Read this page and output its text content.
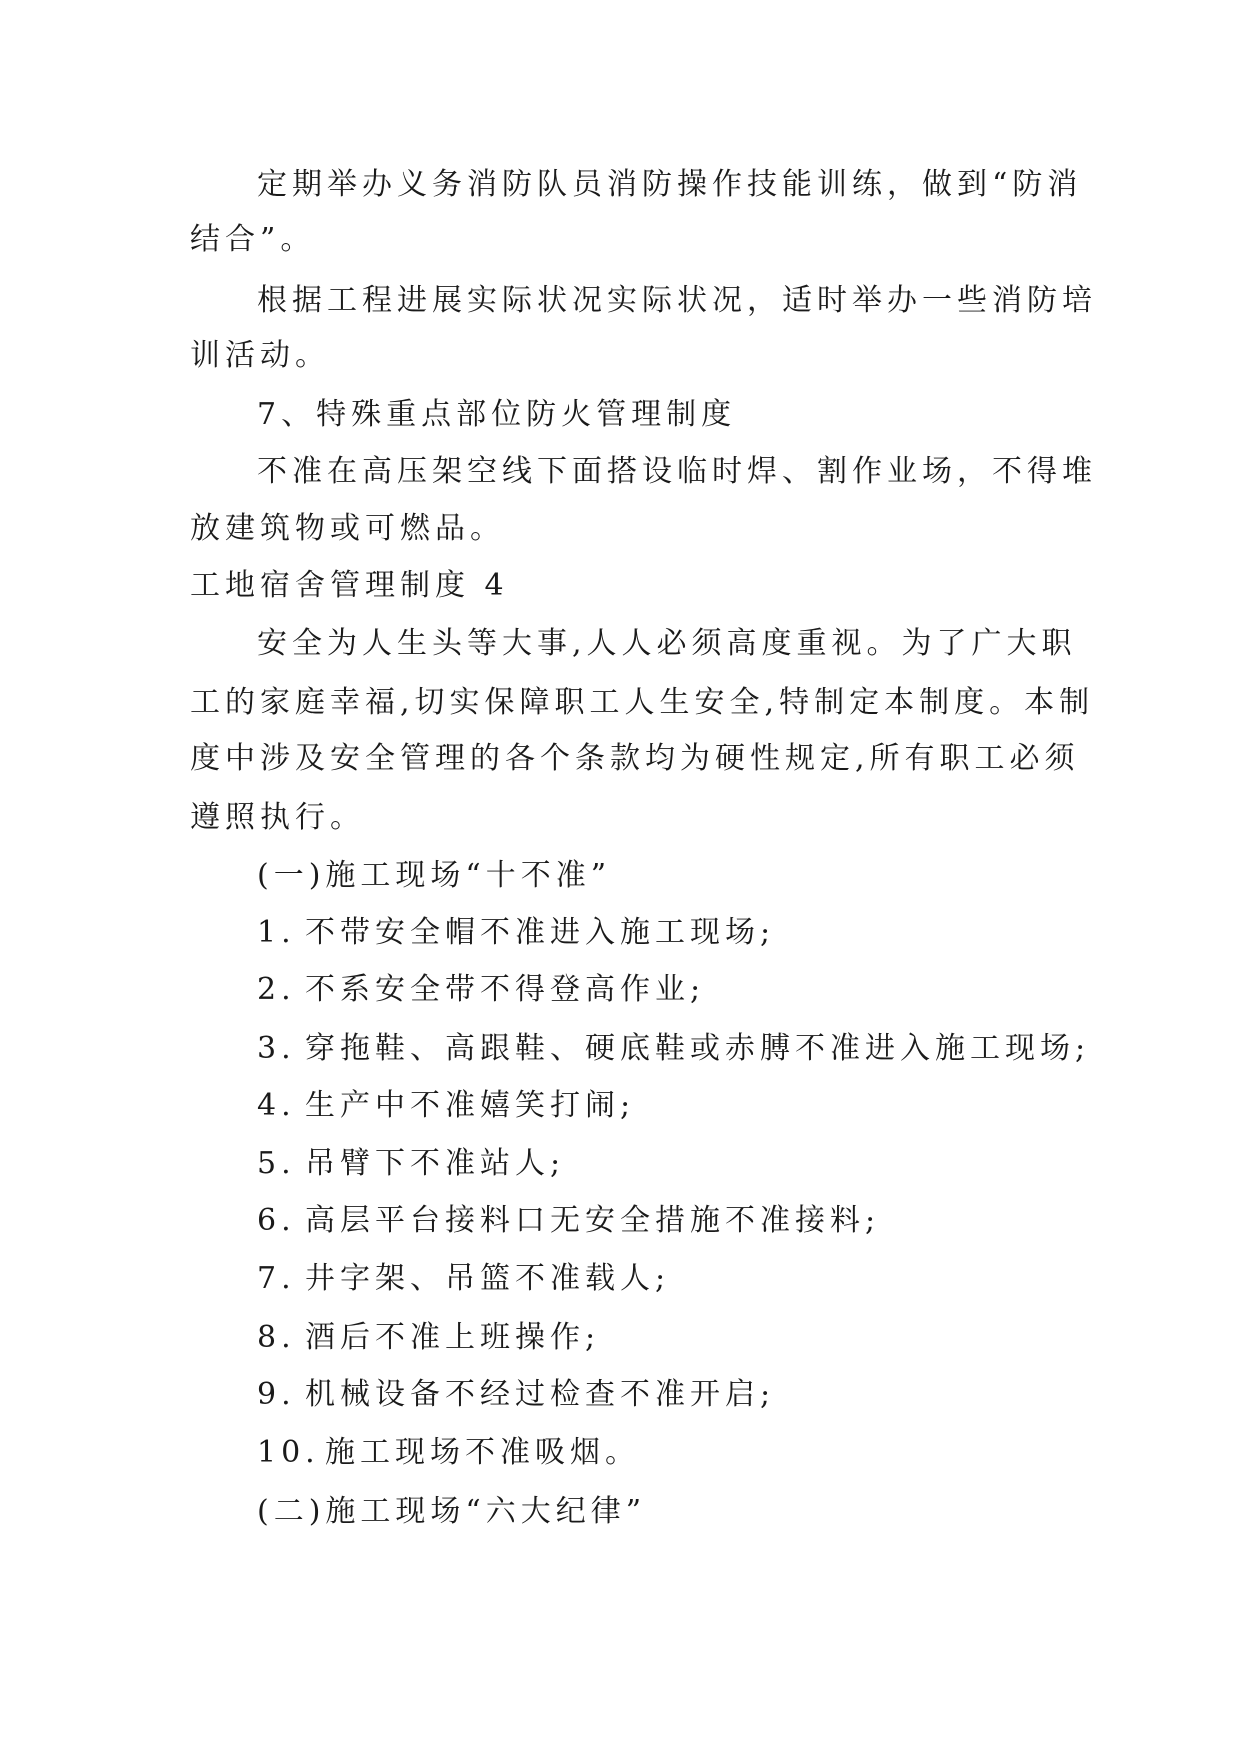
定期举办义务消防队员消防操作技能训练，做到“防消

结合”。

根据工程进展实际状况实际状况，适时举办一些消防培

训活动。

7、特殊重点部位防火管理制度

不准在高压架空线下面搭设临时焊、割作业场，不得堆

放建筑物或可燃品。

工地宿舍管理制度 4

安全为人生头等大事,人人必须高度重视。为了广大职

工的家庭幸福,切实保障职工人生安全,特制定本制度。本制

度中涉及安全管理的各个条款均为硬性规定,所有职工必须

遵照执行。

(一)施工现场“十不准”

1. 不带安全帽不准进入施工现场;

2. 不系安全带不得登高作业;

3. 穿拖鞋、高跟鞋、硬底鞋或赤膊不准进入施工现场;

4. 生产中不准嬉笑打闹;

5. 吊臂下不准站人;

6. 高层平台接料口无安全措施不准接料;

7. 井字架、吊篮不准载人;

8. 酒后不准上班操作;

9. 机械设备不经过检查不准开启;

10. 施工现场不准吸烟。

(二)施工现场“六大纪律”
